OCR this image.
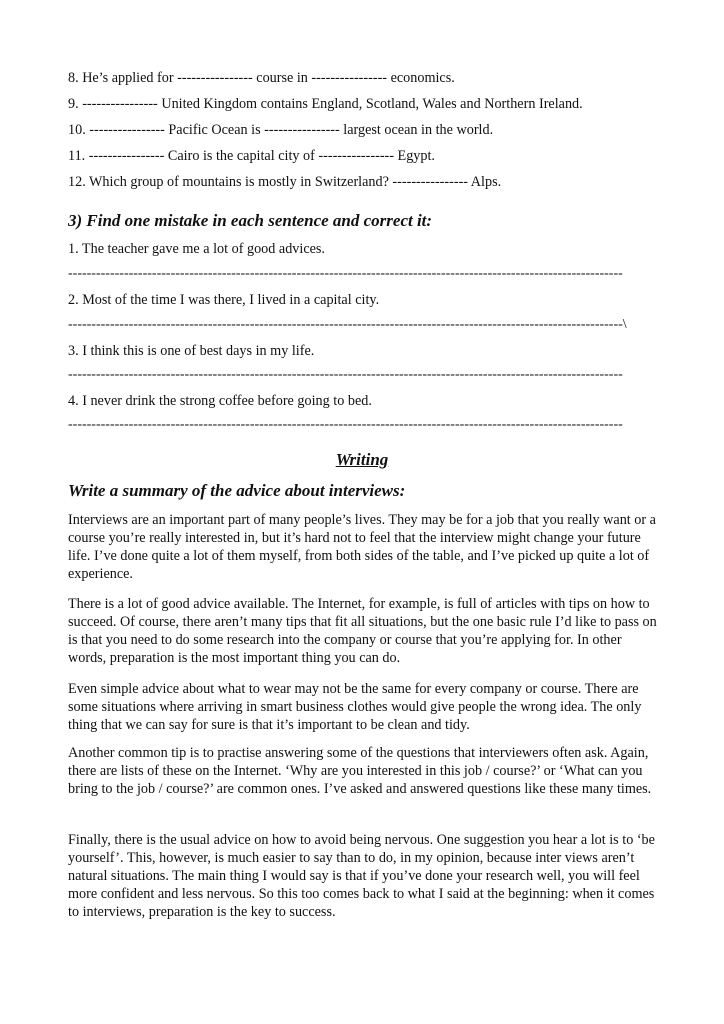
8. He’s applied for ---------------- course in ---------------- economics.
9. ---------------- United Kingdom contains England, Scotland, Wales and Northern Ireland.
10. ---------------- Pacific Ocean is ---------------- largest ocean in the world.
11. ---------------- Cairo is the capital city of ---------------- Egypt.
12. Which group of mountains is mostly in Switzerland? ---------------- Alps.
3) Find one mistake in each sentence and correct it:
1. The teacher gave me a lot of good advices.
-----------------------------------------------------------------------------------------------------------------------
2. Most of the time I was there, I lived in a capital city.
-----------------------------------------------------------------------------------------------------------------------\
3. I think this is one of best days in my life.
-----------------------------------------------------------------------------------------------------------------------
4. I never drink the strong coffee before going to bed.
-----------------------------------------------------------------------------------------------------------------------
Writing
Write a summary of the advice about interviews:
Interviews are an important part of many people’s lives. They may be for a job that you really want or a course you’re really interested in, but it’s hard not to feel that the interview might change your future life. I’ve done quite a lot of them myself, from both sides of the table, and I’ve picked up quite a lot of experience.
There is a lot of good advice available. The Internet, for example, is full of articles with tips on how to succeed. Of course, there aren’t many tips that fit all situations, but the one basic rule I’d like to pass on is that you need to do some research into the company or course that you’re applying for. In other words, preparation is the most important thing you can do.
Even simple advice about what to wear may not be the same for every company or course. There are some situations where arriving in smart business clothes would give people the wrong idea. The only thing that we can say for sure is that it’s important to be clean and tidy.
Another common tip is to practise answering some of the questions that interviewers often ask. Again, there are lists of these on the Internet. ‘Why are you interested in this job / course?’ or ‘What can you bring to the job / course?’ are common ones. I’ve asked and answered questions like these many times.
Finally, there is the usual advice on how to avoid being nervous. One suggestion you hear a lot is to ‘be yourself’. This, however, is much easier to say than to do, in my opinion, because inter views aren’t natural situations. The main thing I would say is that if you’ve done your research well, you will feel more confident and less nervous. So this too comes back to what I said at the beginning: when it comes to interviews, preparation is the key to success.
